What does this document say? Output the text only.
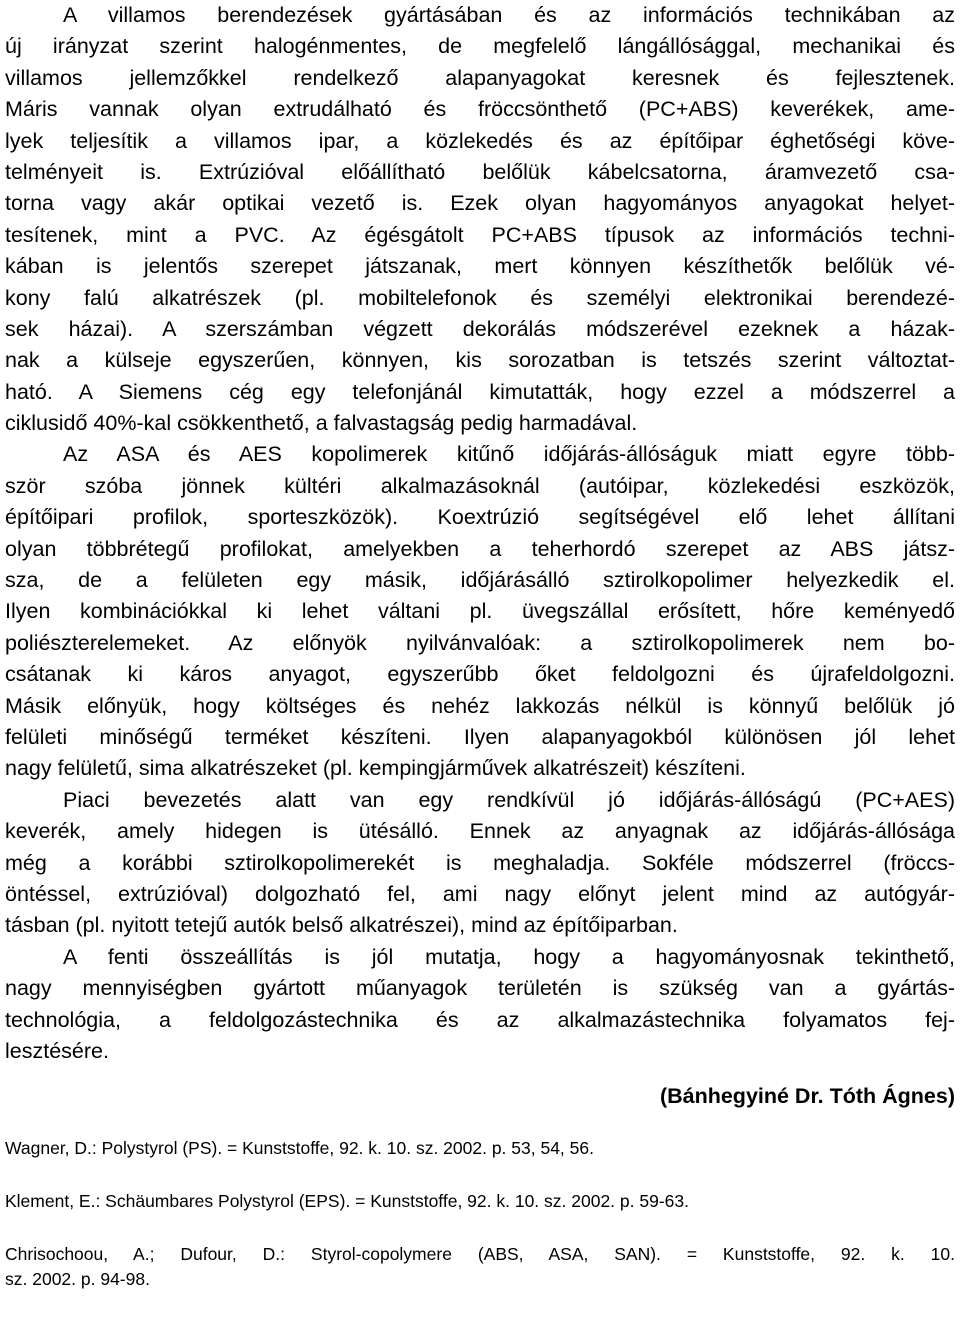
A villamos berendezések gyártásában és az információs technikában az
új irányzat szerint halogénmentes, de megfelelő lángállósággal, mechanikai és
villamos jellemzőkkel rendelkező alapanyagokat keresnek és fejlesztenek.
Máris vannak olyan extrudálható és fröccsönthető (PC+ABS) keverékek, ame-
lyek teljesítik a villamos ipar, a közlekedés és az építőipar éghetőségi köve-
telményeit is. Extrúzióval előállítható belőlük kábelcsatorna, áramvezető csa-
torna vagy akár optikai vezető is. Ezek olyan hagyományos anyagokat helyet-
tesítenek, mint a PVC. Az égésgátolt PC+ABS típusok az információs techni-
kában is jelentős szerepet játszanak, mert könnyen készíthetők belőlük vé-
kony falú alkatrészek (pl. mobiltelefonok és személyi elektronikai berendezé-
sek házai). A szerszámban végzett dekorálás módszerével ezeknek a házak-
nak a külseje egyszerűen, könnyen, kis sorozatban is tetszés szerint változtat-
ható. A Siemens cég egy telefonjánál kimutatták, hogy ezzel a módszerrel a
ciklusidő 40%-kal csökkenthető, a falvastagság pedig harmadával.
Az ASA és AES kopolimerek kitűnő időjárás-állóságuk miatt egyre több-
ször szóba jönnek kültéri alkalmazásoknál (autóipar, közlekedési eszközök,
építőipari profilok, sporteszközök). Koextrúzió segítségével elő lehet állítani
olyan többrétegű profilokat, amelyekben a teherhordó szerepet az ABS játsz-
sza, de a felületen egy másik, időjárásálló sztirolkopolimer helyezkedik el.
Ilyen kombinációkkal ki lehet váltani pl. üvegszállal erősített, hőre keményedő
poliészterelemeket. Az előnyök nyilvánvalóak: a sztirolkopolimerek nem bo-
csátanak ki káros anyagot, egyszerűbb őket feldolgozni és újrafeldolgozni.
Másik előnyük, hogy költséges és nehéz lakkozás nélkül is könnyű belőlük jó
felületi minőségű terméket készíteni. Ilyen alapanyagokból különösen jól lehet
nagy felületű, sima alkatrészeket (pl. kempingjárművek alkatrészeit) készíteni.
Piaci bevezetés alatt van egy rendkívül jó időjárás-állóságú (PC+AES)
keverék, amely hidegen is ütésálló. Ennek az anyagnak az időjárás-állósága
még a korábbi sztirolkopolimerekét is meghaladja. Sokféle módszerrel (fröccs-
öntéssel, extrúzióval) dolgozható fel, ami nagy előnyt jelent mind az autógyár-
tásban (pl. nyitott tetejű autók belső alkatrészei), mind az építőiparban.
A fenti összeállítás is jól mutatja, hogy a hagyományosnak tekinthető,
nagy mennyiségben gyártott műanyagok területén is szükség van a gyártás-
technológia, a feldolgozástechnika és az alkalmazástechnika folyamatos fej-
lesztésére.
(Bánhegyiné Dr. Tóth Ágnes)
Wagner, D.: Polystyrol (PS). = Kunststoffe, 92. k. 10. sz. 2002. p. 53, 54, 56.
Klement, E.: Schäumbares Polystyrol (EPS). = Kunststoffe, 92. k. 10. sz. 2002. p. 59-63.
Chrisochoou, A.; Dufour, D.: Styrol-copolymere (ABS, ASA, SAN). = Kunststoffe, 92. k. 10.
sz. 2002. p. 94-98.
